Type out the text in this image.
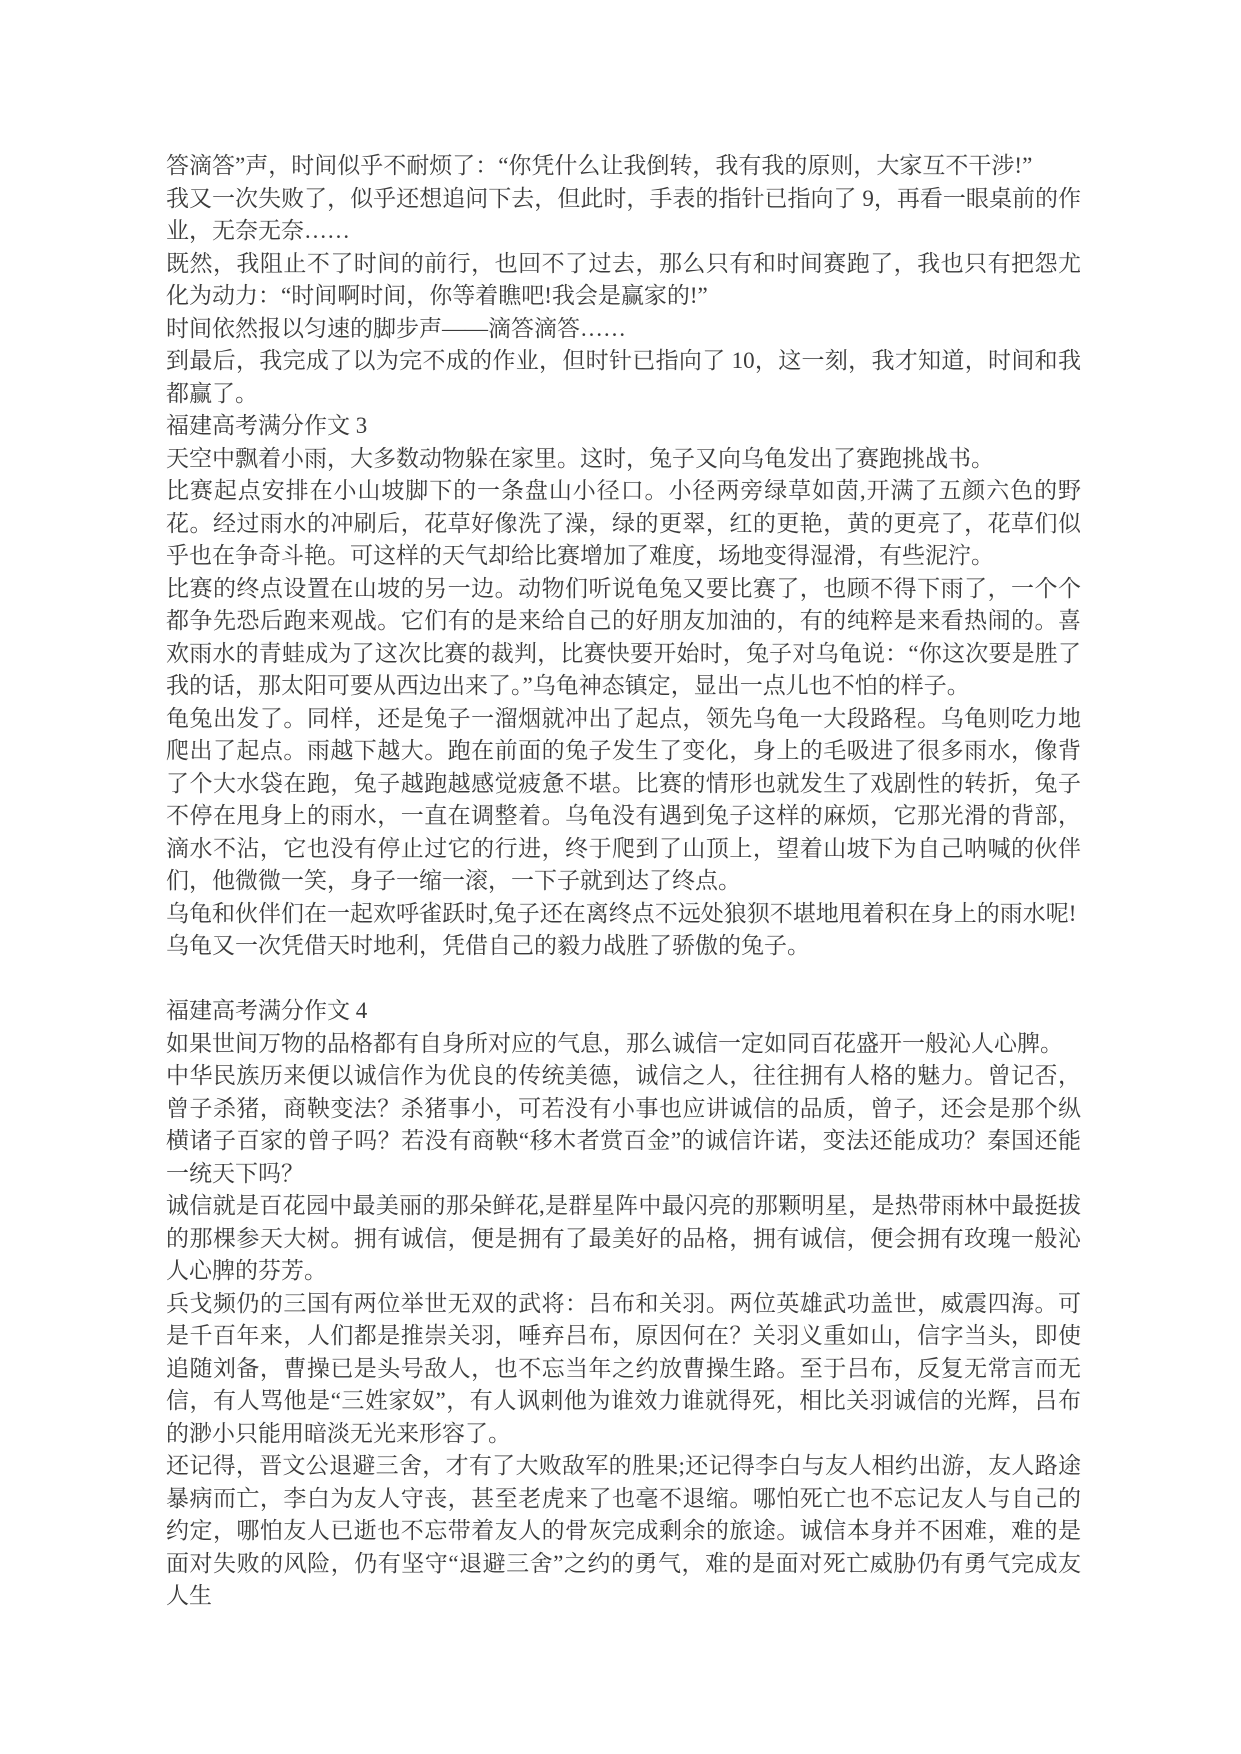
答滴答”声，时间似乎不耐烦了：“你凭什么让我倒转，我有我的原则，大家互不干涉!”

我又一次失败了，似乎还想追问下去，但此时，手表的指针已指向了 9，再看一眼桌前的作业，无奈无奈……

既然，我阻止不了时间的前行，也回不了过去，那么只有和时间赛跑了，我也只有把怨尤化为动力：“时间啊时间，你等着瞧吧!我会是赢家的!”

时间依然报以匀速的脚步声——滴答滴答……

到最后，我完成了以为完不成的作业，但时针已指向了 10，这一刻，我才知道，时间和我都赢了。

福建高考满分作文 3

天空中飘着小雨，大多数动物躲在家里。这时，兔子又向乌龟发出了赛跑挑战书。

比赛起点安排在小山坡脚下的一条盘山小径口。小径两旁绿草如茵,开满了五颜六色的野花。经过雨水的冲刷后，花草好像洗了澡，绿的更翠，红的更艳，黄的更亮了，花草们似乎也在争奇斗艳。可这样的天气却给比赛增加了难度，场地变得湿滑，有些泥泞。

比赛的终点设置在山坡的另一边。动物们听说龟兔又要比赛了，也顾不得下雨了，一个个都争先恐后跑来观战。它们有的是来给自己的好朋友加油的，有的纯粹是来看热闹的。喜欢雨水的青蛙成为了这次比赛的裁判，比赛快要开始时，兔子对乌龟说：“你这次要是胜了我的话，那太阳可要从西边出来了。”乌龟神态镇定，显出一点儿也不怕的样子。

龟兔出发了。同样，还是兔子一溜烟就冲出了起点，领先乌龟一大段路程。乌龟则吃力地爬出了起点。雨越下越大。跑在前面的兔子发生了变化，身上的毛吸进了很多雨水，像背了个大水袋在跑，兔子越跑越感觉疲惫不堪。比赛的情形也就发生了戏剧性的转折，兔子不停在甩身上的雨水，一直在调整着。乌龟没有遇到兔子这样的麻烦，它那光滑的背部，滴水不沾，它也没有停止过它的行进，终于爬到了山顶上，望着山坡下为自己呐喊的伙伴们，他微微一笑，身子一缩一滚，一下子就到达了终点。

乌龟和伙伴们在一起欢呼雀跃时,兔子还在离终点不远处狼狈不堪地甩着积在身上的雨水呢!

乌龟又一次凭借天时地利，凭借自己的毅力战胜了骄傲的兔子。

福建高考满分作文 4

如果世间万物的品格都有自身所对应的气息，那么诚信一定如同百花盛开一般沁人心脾。

中华民族历来便以诚信作为优良的传统美德，诚信之人，往往拥有人格的魅力。曾记否，曾子杀猪，商鞅变法？杀猪事小，可若没有小事也应讲诚信的品质，曾子，还会是那个纵横诸子百家的曾子吗？若没有商鞅“移木者赏百金”的诚信许诺，变法还能成功？秦国还能一统天下吗？

诚信就是百花园中最美丽的那朵鲜花,是群星阵中最闪亮的那颗明星，是热带雨林中最挺拔的那棵参天大树。拥有诚信，便是拥有了最美好的品格，拥有诚信，便会拥有玫瑰一般沁人心脾的芬芳。

兵戈频仍的三国有两位举世无双的武将：吕布和关羽。两位英雄武功盖世，威震四海。可是千百年来，人们都是推崇关羽，唾弃吕布，原因何在？关羽义重如山，信字当头，即使追随刘备，曹操已是头号敌人，也不忘当年之约放曹操生路。至于吕布，反复无常言而无信，有人骂他是“三姓家奴”，有人讽刺他为谁效力谁就得死，相比关羽诚信的光辉，吕布的渺小只能用暗淡无光来形容了。

还记得，晋文公退避三舍，才有了大败敌军的胜果;还记得李白与友人相约出游，友人路途暴病而亡，李白为友人守丧，甚至老虎来了也毫不退缩。哪怕死亡也不忘记友人与自己的约定，哪怕友人已逝也不忘带着友人的骨灰完成剩余的旅途。诚信本身并不困难，难的是面对失败的风险，仍有坚守“退避三舍”之约的勇气，难的是面对死亡威胁仍有勇气完成友人生
